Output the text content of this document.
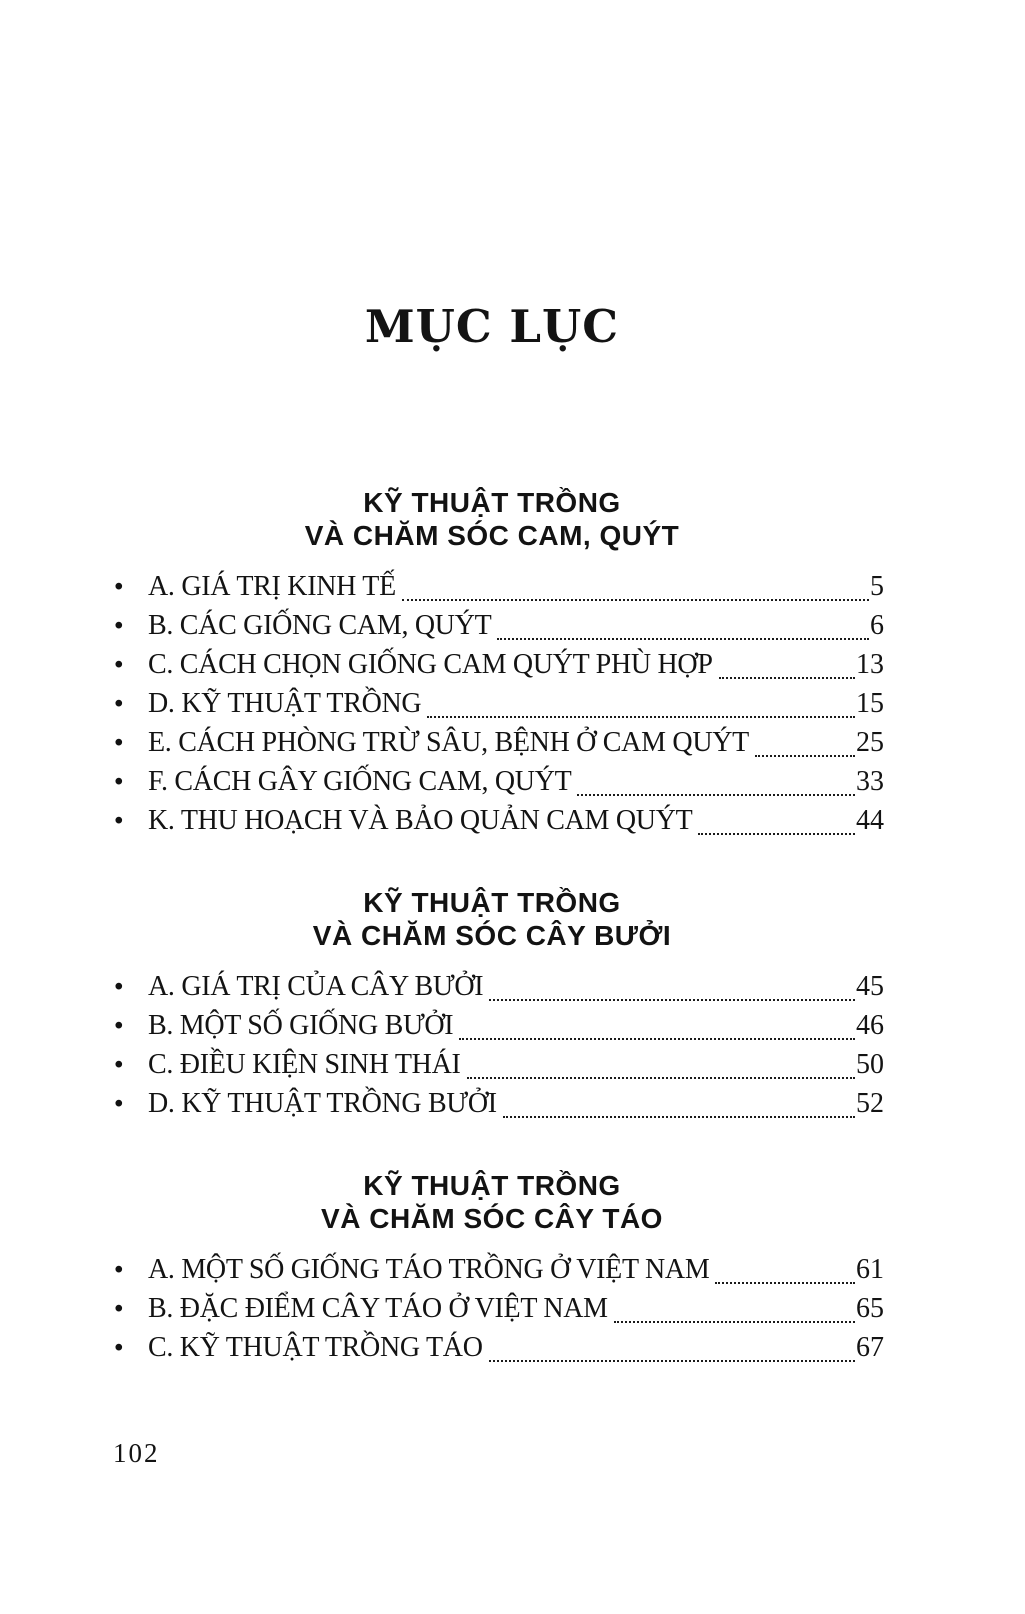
MỤC LỤC
KỸ THUẬT TRỒNG
VÀ CHĂM SÓC CAM, QUÝT
• A. GIÁ TRỊ KINH TẾ	5
• B. CÁC GIỐNG CAM, QUÝT	6
• C. CÁCH CHỌN GIỐNG CAM QUÝT PHÙ HỢP	13
• D. KỸ THUẬT TRỒNG	15
• E. CÁCH PHÒNG TRỪ SÂU, BỆNH Ở CAM QUÝT	25
• F. CÁCH GÂY GIỐNG CAM, QUÝT	33
• K. THU HOẠCH VÀ BẢO QUẢN CAM QUÝT	44
KỸ THUẬT TRỒNG
VÀ CHĂM SÓC CÂY BƯỞI
• A. GIÁ TRỊ CỦA CÂY BƯỞI	45
• B. MỘT SỐ GIỐNG BƯỞI	46
• C. ĐIỀU KIỆN SINH THÁI	50
• D. KỸ THUẬT TRỒNG BƯỞI	52
KỸ THUẬT TRỒNG
VÀ CHĂM SÓC CÂY TÁO
• A. MỘT SỐ GIỐNG TÁO TRỒNG Ở VIỆT NAM	61
• B. ĐẶC ĐIỂM CÂY TÁO Ở VIỆT NAM	65
• C. KỸ THUẬT TRỒNG TÁO	67
102
